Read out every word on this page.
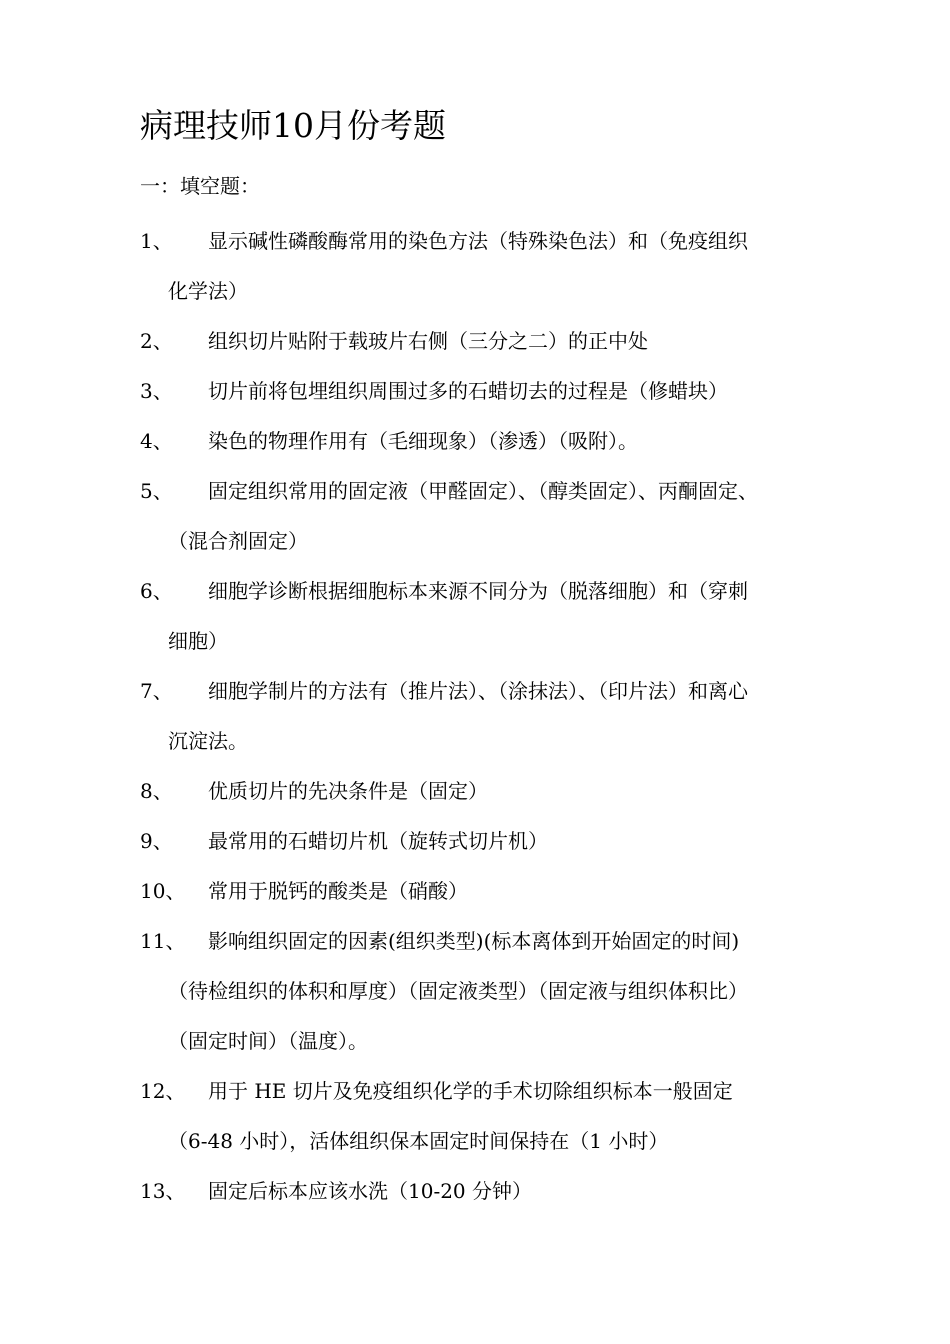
病理技师10月份考题
一：填空题：
1、 显示碱性磷酸酶常用的染色方法（特殊染色法）和（免疫组织
化学法）
2、 组织切片贴附于载玻片右侧（三分之二）的正中处
3、 切片前将包埋组织周围过多的石蜡切去的过程是（修蜡块）
4、 染色的物理作用有（毛细现象）（渗透）（吸附）。
5、 固定组织常用的固定液（甲醛固定）、（醇类固定）、丙酮固定、
（混合剂固定）
6、 细胞学诊断根据细胞标本来源不同分为（脱落细胞）和（穿刺
细胞）
7、 细胞学制片的方法有（推片法）、（涂抹法）、（印片法）和离心
沉淀法。
8、 优质切片的先决条件是（固定）
9、 最常用的石蜡切片机（旋转式切片机）
10、 常用于脱钙的酸类是（硝酸）
11、 影响组织固定的因素(组织类型)(标本离体到开始固定的时间)
（待检组织的体积和厚度）（固定液类型）（固定液与组织体积比）
（固定时间）（温度）。
12、 用于 HE 切片及免疫组织化学的手术切除组织标本一般固定
（6-48 小时），活体组织保本固定时间保持在（1 小时）
13、 固定后标本应该水洗（10-20 分钟）
